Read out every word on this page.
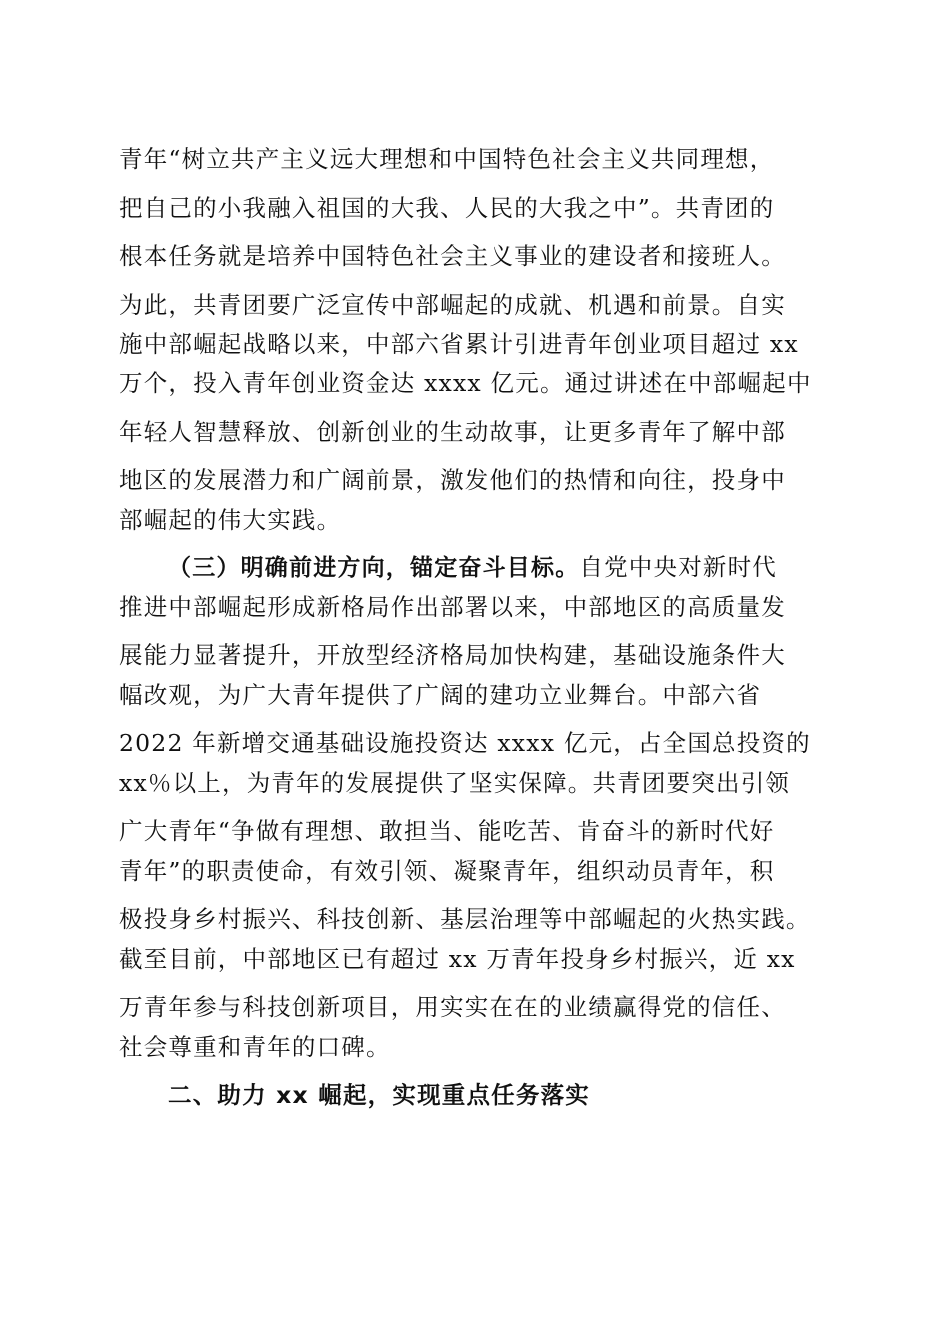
青年“树立共产主义远大理想和中国特色社会主义共同理想，
把自己的小我融入祖国的大我、人民的大我之中”。共青团的
根本任务就是培养中国特色社会主义事业的建设者和接班人。
为此，共青团要广泛宣传中部崛起的成就、机遇和前景。自实
施中部崛起战略以来，中部六省累计引进青年创业项目超过 xx
万个，投入青年创业资金达 xxxx 亿元。通过讲述在中部崛起中
年轻人智慧释放、创新创业的生动故事，让更多青年了解中部
地区的发展潜力和广阔前景，激发他们的热情和向往，投身中
部崛起的伟大实践。
（三）明确前进方向，锚定奋斗目标。自党中央对新时代
推进中部崛起形成新格局作出部署以来，中部地区的高质量发
展能力显著提升，开放型经济格局加快构建，基础设施条件大
幅改观，为广大青年提供了广阔的建功立业舞台。中部六省
2022 年新增交通基础设施投资达 xxxx 亿元，占全国总投资的
xx％以上，为青年的发展提供了坚实保障。共青团要突出引领
广大青年“争做有理想、敢担当、能吃苦、肯奋斗的新时代好
青年”的职责使命，有效引领、凝聚青年，组织动员青年，积
极投身乡村振兴、科技创新、基层治理等中部崛起的火热实践。
截至目前，中部地区已有超过 xx 万青年投身乡村振兴，近 xx
万青年参与科技创新项目，用实实在在的业绩赢得党的信任、
社会尊重和青年的口碑。
二、助力 xx 崛起，实现重点任务落实
